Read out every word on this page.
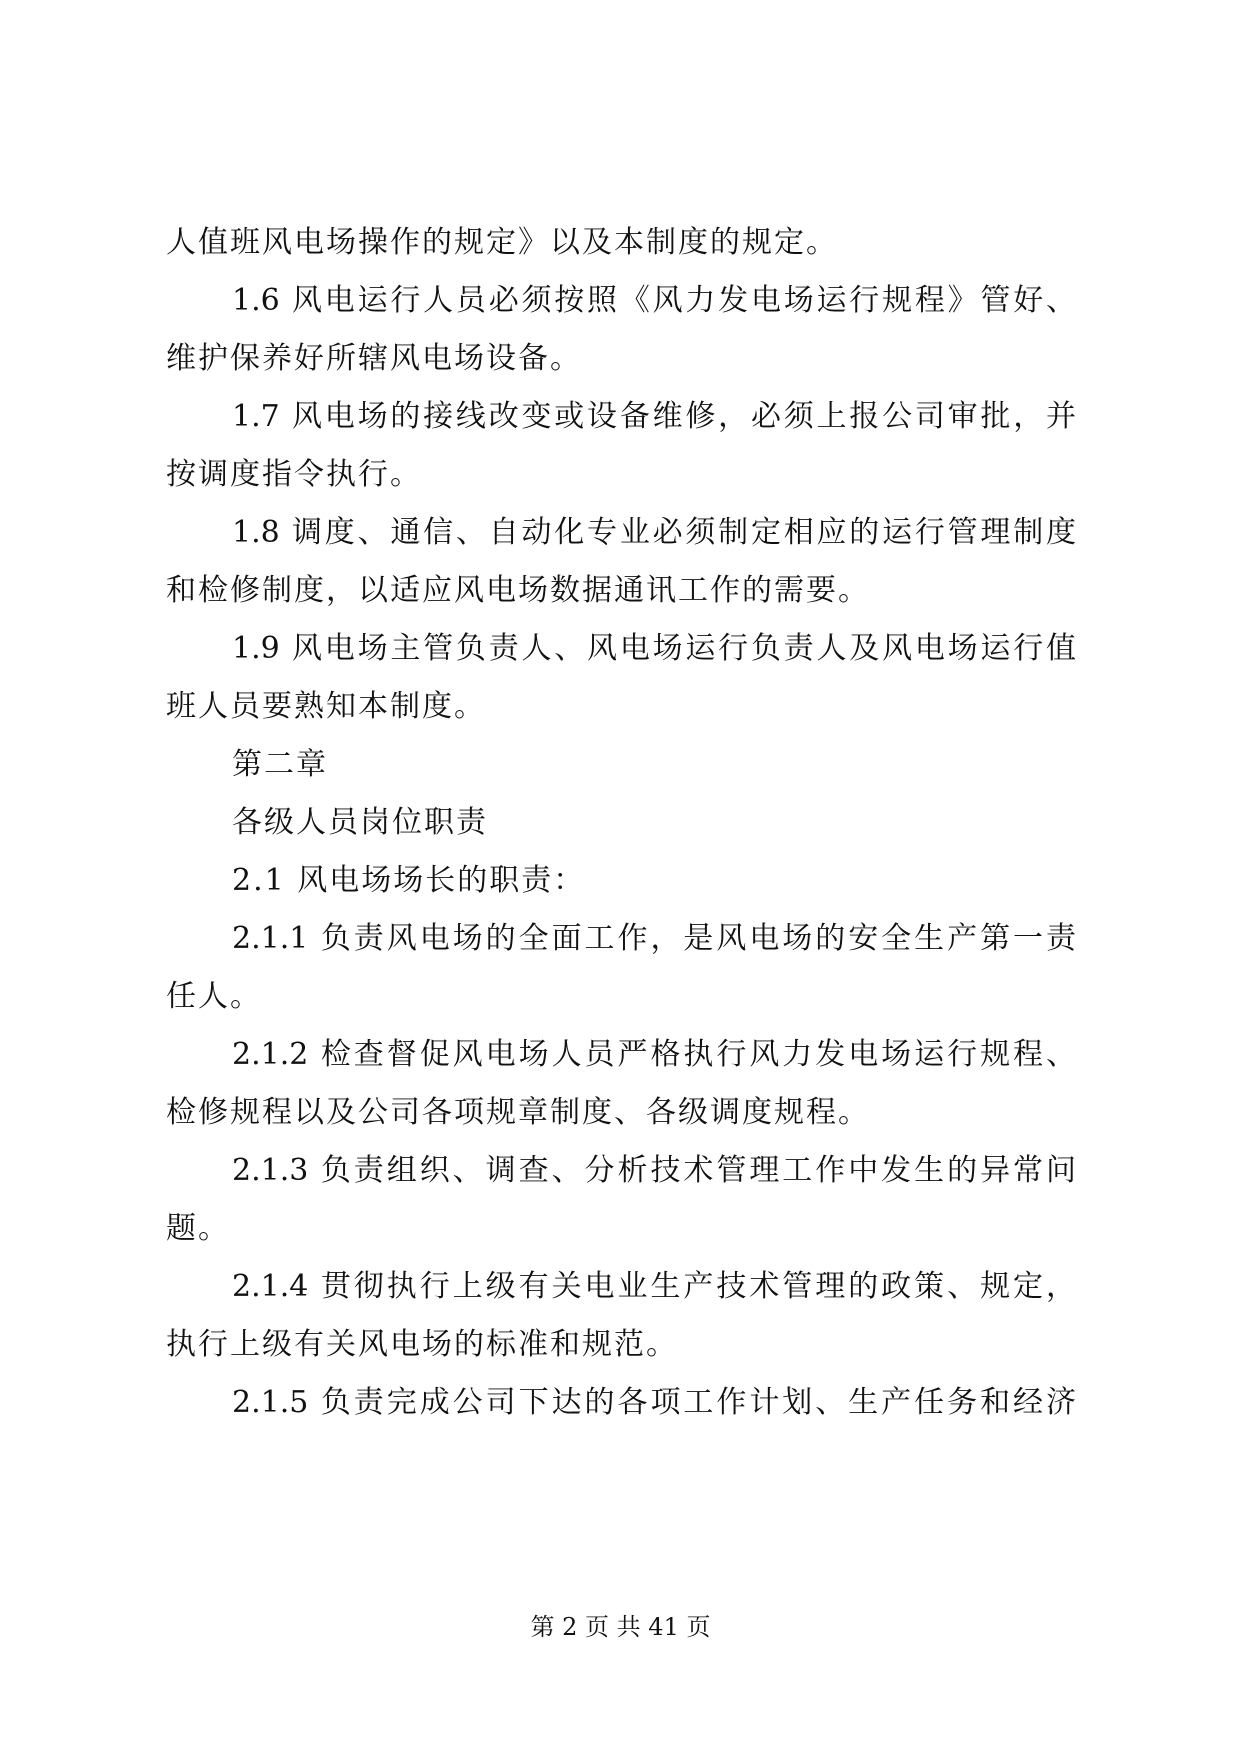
人值班风电场操作的规定》以及本制度的规定。
1.6 风电运行人员必须按照《风力发电场运行规程》管好、
维护保养好所辖风电场设备。
1.7 风电场的接线改变或设备维修，必须上报公司审批，并
按调度指令执行。
1.8 调度、通信、自动化专业必须制定相应的运行管理制度
和检修制度，以适应风电场数据通讯工作的需要。
1.9 风电场主管负责人、风电场运行负责人及风电场运行值
班人员要熟知本制度。
第二章
各级人员岗位职责
2.1 风电场场长的职责：
2.1.1 负责风电场的全面工作，是风电场的安全生产第一责
任人。
2.1.2 检查督促风电场人员严格执行风力发电场运行规程、
检修规程以及公司各项规章制度、各级调度规程。
2.1.3 负责组织、调查、分析技术管理工作中发生的异常问
题。
2.1.4 贯彻执行上级有关电业生产技术管理的政策、规定，
执行上级有关风电场的标准和规范。
2.1.5 负责完成公司下达的各项工作计划、生产任务和经济
第 2 页 共 41 页
